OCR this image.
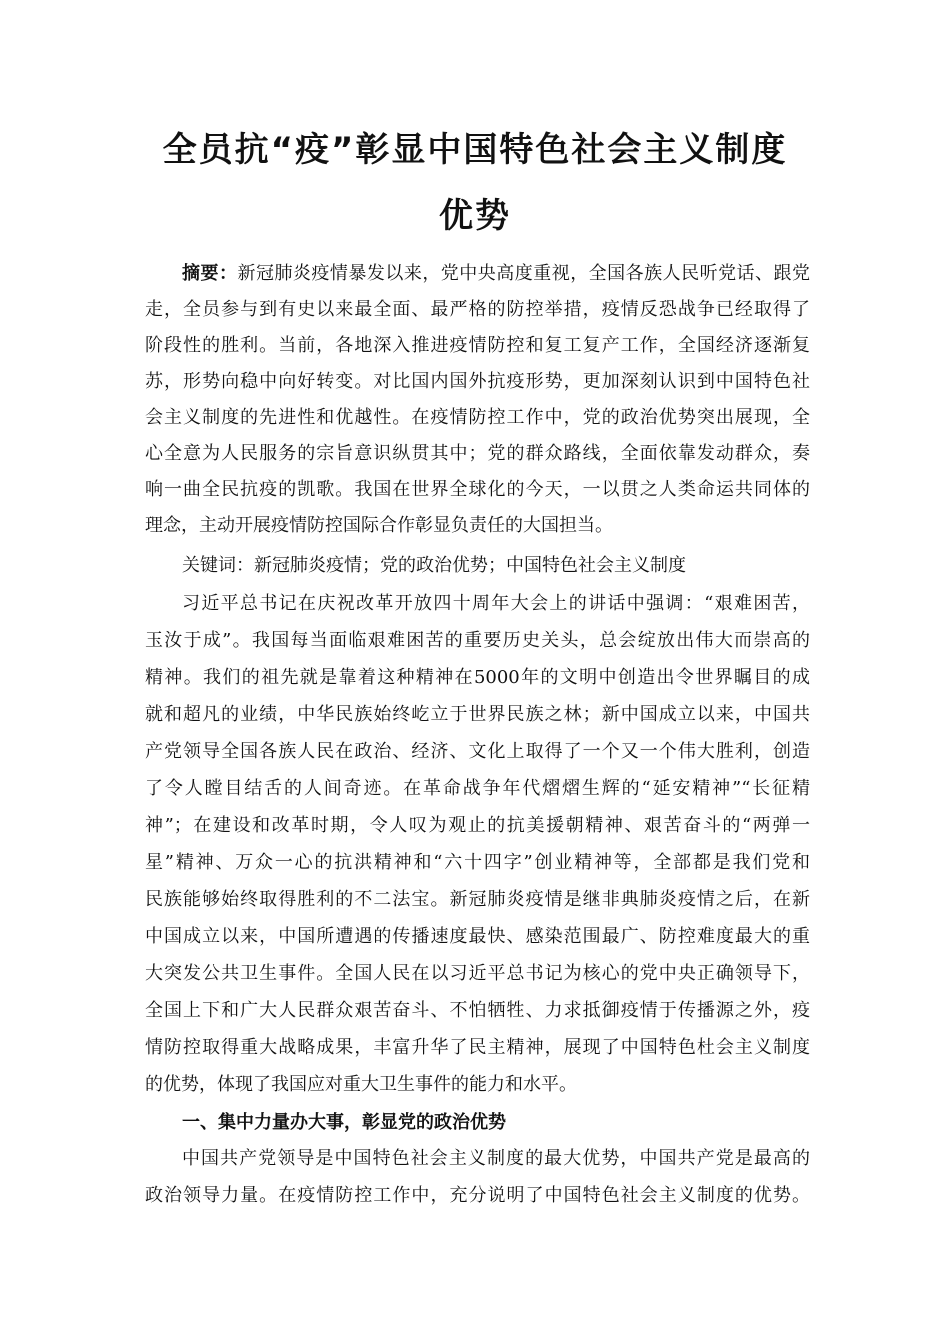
全员抗“疫”彰显中国特色社会主义制度
优势
摘要：新冠肺炎疫情暴发以来，党中央高度重视，全国各族人民听党话、跟党
走，全员参与到有史以来最全面、最严格的防控举措，疫情反恐战争已经取得了
阶段性的胜利。当前，各地深入推进疫情防控和复工复产工作，全国经济逐渐复
苏，形势向稳中向好转变。对比国内国外抗疫形势，更加深刻认识到中国特色社
会主义制度的先进性和优越性。在疫情防控工作中，党的政治优势突出展现，全
心全意为人民服务的宗旨意识纵贯其中；党的群众路线，全面依靠发动群众，奏
响一曲全民抗疫的凯歌。我国在世界全球化的今天，一以贯之人类命运共同体的
理念，主动开展疫情防控国际合作彰显负责任的大国担当。
关键词：新冠肺炎疫情；党的政治优势；中国特色社会主义制度
习近平总书记在庆祝改革开放四十周年大会上的讲话中强调：“艰难困苦，
玉汝于成”。我国每当面临艰难困苦的重要历史关头，总会绽放出伟大而崇高的
精神。我们的祖先就是靠着这种精神在5000年的文明中创造出令世界瞩目的成
就和超凡的业绩，中华民族始终屹立于世界民族之林；新中国成立以来，中国共
产党领导全国各族人民在政治、经济、文化上取得了一个又一个伟大胜利，创造
了令人瞠目结舌的人间奇迹。在革命战争年代熠熠生辉的“延安精神”“长征精
神”；在建设和改革时期，令人叹为观止的抗美援朝精神、艰苦奋斗的“两弹一
星”精神、万众一心的抗洪精神和“六十四字”创业精神等，全部都是我们党和
民族能够始终取得胜利的不二法宝。新冠肺炎疫情是继非典肺炎疫情之后，在新
中国成立以来，中国所遭遇的传播速度最快、感染范围最广、防控难度最大的重
大突发公共卫生事件。全国人民在以习近平总书记为核心的党中央正确领导下，
全国上下和广大人民群众艰苦奋斗、不怕牺牲、力求抵御疫情于传播源之外，疫
情防控取得重大战略成果，丰富升华了民主精神，展现了中国特色杜会主义制度
的优势，体现了我国应对重大卫生事件的能力和水平。
一、集中力量办大事，彰显党的政治优势
中国共产党领导是中国特色社会主义制度的最大优势，中国共产党是最高的
政治领导力量。在疫情防控工作中，充分说明了中国特色社会主义制度的优势。
